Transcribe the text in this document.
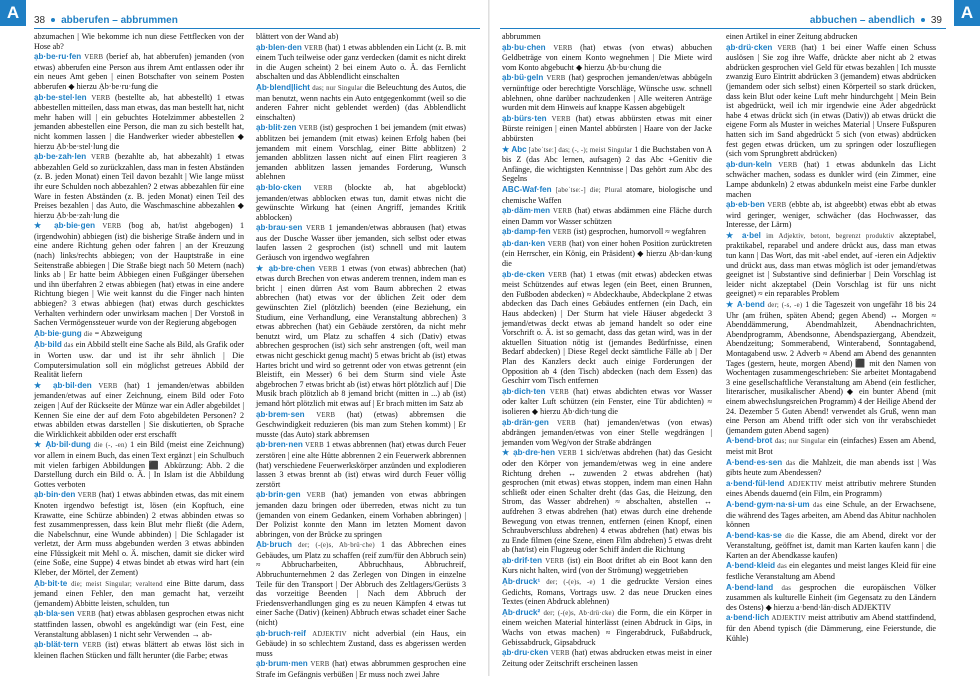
A	38 abberufen – abbrummen

abzumachen | Wie bekomme ich nun diese Fettflecken von der Hose ab?

ạb·be·ru·fen VERB (berief ab, hat abberufen) jemanden (von etwas) abberufen eine Person aus ihrem Amt entlassen oder ihr ein neues Amt geben | einen Botschafter von seinem Posten abberufen ◆ hierzu Ạb·be·ru·fung die

ạb·be·stel·len VERB (bestellte ab, hat abbestellt) 1 etwas abbestellen mitteilen, dass man etwas, das man bestellt hat, nicht mehr haben will | ein gebuchtes Hotelzimmer abbestellen 2 jemanden abbestellen eine Person, die man zu sich bestellt hat, nicht kommen lassen | die Handwerker wieder abbestellen ◆ hierzu Ạb·be·stel·lung die

ạb·be·zah·len VERB (bezahlte ab, hat abbezahlt) 1 etwas abbezahlen Geld so zurückzahlen, dass man in festen Abständen (z. B. jeden Monat) einen Teil davon bezahlt | Wie lange müsst ihr eure Schulden noch abbezahlen? 2 etwas abbezahlen für eine Ware in festen Abständen (z. B. jeden Monat) einen Teil des Preises bezahlen | das Auto, die Waschmaschine abbezahlen ◆ hierzu Ạb·be·zah·lung die

★ ạb·bie·gen VERB (bog ab, hat/ist abgebogen) 1 (irgendwohin) abbiegen (ist) die bisherige Straße ändern und in eine andere Richtung gehen oder fahren | an der Kreuzung (nach) links/rechts abbiegen; von der Hauptstraße in eine Seitenstraße abbiegen | Die Straße biegt nach 50 Metern (nach) links ab | Er hatte beim Abbiegen einen Fußgänger übersehen und ihn überfahren 2 etwas abbiegen (hat) etwas in eine andere Richtung biegen | Wie weit kannst du die Finger nach hinten abbiegen? 3 etwas abbiegen (hat) etwas durch geschicktes Verhalten verhindern oder unwirksam machen | Der Vorstoß in Sachen Vermögenssteuer wurde von der Regierung abgebogen

Ạb·bie·gung die = Abzweigung

Ạb·bild das ein Abbild stellt eine Sache als Bild, als Grafik oder in Worten usw. dar und ist ihr sehr ähnlich | Die Computersimulation soll ein möglichst getreues Abbild der Realität liefern

★ ạb·bil·den VERB (hat) 1 jemanden/etwas abbilden jemanden/etwas auf einer Zeichnung, einem Bild oder Foto zeigen | Auf der Rückseite der Münze war ein Adler abgebildet | Kennen Sie eine der auf dem Foto abgebildeten Personen? 2 etwas abbilden etwas darstellen | Sie diskutierten, ob Sprache die Wirklichkeit abbilden oder erst erschafft

★ Ạb·bil·dung die (-, -en) 1 ein Bild (meist eine Zeichnung) vor allem in einem Buch, das einen Text ergänzt | ein Schulbuch mit vielen farbigen Abbildungen ⬛ Abkürzung: Abb. 2 die Darstellung durch ein Bild o. Ä. | In Islam ist die Abbildung Gottes verboten

ạb·bin·den VERB (hat) 1 etwas abbinden etwas, das mit einem Knoten irgendwo befestigt ist, lösen (ein Kopftuch, eine Krawatte, eine Schürze abbinden) 2 etwas abbinden etwas so fest zusammenpressen, dass kein Blut mehr fließt (die Adern, die Nabelschnur, eine Wunde abbinden) | Die Schlagader ist verletzt, der Arm muss abgebunden werden 3 etwas abbinden eine Flüssigkeit mit Mehl o. Ä. mischen, damit sie dicker wird (eine Soße, eine Suppe) 4 etwas bindet ab etwas wird hart (ein Kleber, der Mörtel, der Zement)

Ạb·bit·te die; meist Singular; veraltend eine Bitte darum, dass jemand einen Fehler, den man gemacht hat, verzeiht (jemandem) Abbitte leisten, schulden, tun

ạb·bla·sen VERB (hat) etwas abblasen gesprochen etwas nicht stattfinden lassen, obwohl es angekündigt war (ein Fest, eine Veranstaltung abblasen) 1 nicht sehr Verwenden → ab-

ạb·blät·tern VERB (ist) etwas blättert ab etwas löst sich in kleinen flachen Stücken und fällt herunter (die Farbe; etwas

blättert von der Wand ab)

ạb·blen·den VERB (hat) 1 etwas abblenden ein Licht (z. B. mit einem Tuch teilweise oder ganz verdecken (damit es nicht direkt in die Augen scheint) 2 bei einem Auto o. Ä. das Fernlicht abschalten und das Abblendlicht einschalten

Ạb·blend|licht das; nur Singular die Beleuchtung des Autos, die man benutzt, wenn nachts ein Auto entgegenkommt (weil so die anderen Fahrer nicht geblendet werden) (das Abblendlicht einschalten)

ạb·blit·zen VERB (ist) gesprochen 1 bei jemandem (mit etwas) abblitzen bei jemandem (mit etwas) keinen Erfolg haben (bei jemandem mit einem Vorschlag, einer Bitte abblitzen) 2 jemanden abblitzen lassen nicht auf einen Flirt reagieren 3 jemanden abblitzen lassen jemandes Forderung, Wunsch ablehnen

ạb·blo·cken VERB (blockte ab, hat abgeblockt) jemanden/etwas abblocken etwas tun, damit etwas nicht die gewünschte Wirkung hat (einen Angriff, jemandes Kritik abblocken)

ạb·brau·sen VERB 1 jemanden/etwas abbrausen (hat) etwas aus der Dusche Wasser über jemanden, sich selbst oder etwas laufen lassen 2 gesprochen (ist) schnell und mit lautem Geräusch von irgendwo wegfahren

★ ạb·bre·chen VERB 1 etwas (von etwas) abbrechen (hat) etwas durch Brechen von etwas anderem trennen, indem man es bricht | einen dürren Ast vom Baum abbrechen 2 etwas abbrechen (hat) etwas vor der üblichen Zeit oder dem gewünschten Ziel (plötzlich) beenden (eine Beziehung, ein Studium, eine Verhandlung, eine Veranstaltung abbrechen) 3 etwas abbrechen (hat) ein Gebäude zerstören, da nicht mehr benutzt wird, um Platz zu schaffen 4 sich (Dativ) etwas abbrechen gesprochen (ist) sich sehr anstrengen (oft, weil man etwas nicht geschickt genug macht) 5 etwas bricht ab (ist) etwas Hartes bricht und wird so getrennt oder von etwas getrennt (ein Bleistift, ein Messer) 6 bei dem Sturm sind viele Äste abgebrochen 7 etwas bricht ab (ist) etwas hört plötzlich auf | Die Musik brach plötzlich ab 8 jemand bricht (mitten in ...) ab (ist) jemand hört plötzlich mit etwas auf | Er brach mitten im Satz ab

ạb·brem·sen VERB (hat) (etwas) abbremsen die Geschwindigkeit reduzieren (bis man zum Stehen kommt) | Er musste (das Auto) stark abbremsen

ạb·bren·nen VERB 1 etwas abbrennen (hat) etwas durch Feuer zerstören | eine alte Hütte abbrennen 2 ein Feuerwerk abbrennen (hat) verschiedene Feuerwerkskörper anzünden und explodieren lassen 3 etwas brennt ab (ist) etwas wird durch Feuer völlig zerstört

ạb·brin·gen VERB (hat) jemanden von etwas abbringen jemanden dazu bringen oder überreden, etwas nicht zu tun (jemanden von einem Gedanken, einem Vorhaben abbringen) | Der Polizist konnte den Mann im letzten Moment davon abbringen, von der Brücke zu springen

Ạb·bruch der; (-(e)s, Ab·brü·che) 1 das Abbrechen eines Gebäudes, um Platz zu schaffen (reif zum/für den Abbruch sein) ≈ Abbrucharbeiten, Abbruchhaus, Abbruchreif, Abbruchunternehmen 2 das Zerlegen von Dingen in einzelne Teile für den Transport | Der Abbruch des Zeltlagers/Gerüsts 3 das vorzeitige Beenden | Nach dem Abbruch der Friedensverhandlungen ging es zu neuen Kämpfen 4 etwas tut einer Sache (Dativ) (keinen) Abbruch etwas schadet einer Sache (nicht)

ạb·bruch·reif ADJEKTIV nicht adverbial (ein Haus, ein Gebäude) in so schlechtem Zustand, dass es abgerissen werden muss

ạb·brum·men VERB (hat) etwas abbrummen gesprochen eine Strafe im Gefängnis verbüßen | Er muss noch zwei Jahre

A
abbuchen – abendlich 39

abbrummen

ạb·bu·chen VERB (hat) etwas (von etwas) abbuchen Geldbeträge von einem Konto wegnehmen | Die Miete wird vom Konto abgebucht ◆ hierzu Ạb·bu·chung die

ạb·bü·geln VERB (hat) gesprochen jemanden/etwas abbügeln vernünftige oder berechtigte Vorschläge, Wünsche usw. schnell ablehnen, ohne darüber nachzudenken | Alle weiteren Anträge wurden mit dem Hinweis auf knappe Kassen abgebügelt

ạb·bürs·ten VERB (hat) etwas abbürsten etwas mit einer Bürste reinigen | einen Mantel abbürsten | Haare von der Jacke abbürsten

★ Abc [abeˈtseː] das; (-, -); meist Singular 1 die Buchstaben von A bis Z (das Abc lernen, aufsagen) 2 das Abc +Genitiv die Anfänge, die wichtigsten Kenntnisse | Das gehört zum Abc des Segelns

ABC-Waf·fen [abeˈtseː-] die; Plural atomare, biologische und chemische Waffen

ạb·däm·men VERB (hat) etwas abdämmen eine Fläche durch einen Damm vor Wasser schützen

ạb·damp·fen VERB (ist) gesprochen, humorvoll ≈ wegfahren

ạb·dan·ken VERB (hat) von einer hohen Position zurücktreten (ein Herrscher, ein König, ein Präsident) ◆ hierzu Ạb·dan·kung die

ạb·de·cken VERB (hat) 1 etwas (mit etwas) abdecken etwas meist Schützendes auf etwas legen (ein Beet, einen Brunnen, den Fußboden abdecken) ≈ Abdeckhaube, Abdeckplane 2 etwas abdecken das Dach eines Gebäudes entfernen (ein Dach, ein Haus abdecken) | Der Sturm hat viele Häuser abgedeckt 3 jemand/etwas deckt etwas ab jemand handelt so oder eine Vorschrift o. Ä. ist so gemacht, dass das getan wird, was in der aktuellen Situation nötig ist (jemandes Bedürfnisse, einen Bedarf abdecken) | Diese Regel deckt sämtliche Fälle ab | Der Plan des Kanzlers deckt auch einige Forderungen der Opposition ab 4 (den Tisch) abdecken (nach dem Essen) das Geschirr vom Tisch entfernen

ạb·dich·ten VERB (hat) etwas abdichten etwas vor Wasser oder kalter Luft schützen (ein Fenster, eine Tür abdichten) ≈ isolieren ◆ hierzu Ạb·dich·tung die

ạb·drän·gen VERB (hat) jemanden/etwas (von etwas) abdrängen jemanden/etwas von einer Stelle wegdrängen | jemanden vom Weg/von der Straße abdrängen

★ ạb·dre·hen VERB 1 sich/etwas abdrehen (hat) das Gesicht oder den Körper von jemandem/etwas weg in eine andere Richtung drehen ↔ zuwenden 2 etwas abdrehen (hat) gesprochen (mit etwas) etwas stoppen, indem man einen Hahn schließt oder einen Schalter dreht (das Gas, die Heizung, den Strom, das Wasser abdrehen) ≈ abschalten, abstellen ↔ aufdrehen 3 etwas abdrehen (hat) etwas durch eine drehende Bewegung von etwas trennen, entfernen (einen Knopf, einen Schraubverschluss abdrehen) 4 etwas abdrehen (hat) etwas bis zu Ende filmen (eine Szene, einen Film abdrehen) 5 etwas dreht ab (hat/ist) ein Flugzeug oder Schiff ändert die Richtung

ạb·drif·ten VERB (ist) ein Boot driftet ab ein Boot kann den Kurs nicht halten, wird (von der Strömung) weggetrieben

Ạb·druck¹ der; (-(e)s, -e) 1 die gedruckte Version eines Gedichts, Romans, Vortrags usw. 2 das neue Drucken eines Textes (einen Abdruck ablehnen)

Ạb·druck² der; (-(e)s, Ab·drü·cke) die Form, die ein Körper in einem weichen Material hinterlässt (einen Abdruck in Gips, in Wachs von etwas machen) ≈ Fingerabdruck, Fußabdruck, Gebissabdruck, Gipsabdruck

ạb·dru·cken VERB (hat) etwas abdrucken etwas meist in einer Zeitung oder Zeitschrift erscheinen lassen

einen Artikel in einer Zeitung abdrucken

ạb·drü·cken VERB (hat) 1 bei einer Waffe einen Schuss auslösen | Sie zog ihre Waffe, drückte aber nicht ab 2 etwas abdrücken gesprochen viel Geld für etwas bezahlen | Ich musste zwanzig Euro Eintritt abdrücken 3 (jemandem) etwas abdrücken (jemandem oder sich selbst) einen Körperteil so stark drücken, dass kein Blut oder keine Luft mehr hindurchgeht | Mein Bein ist abgedrückt, weil ich mir irgendwie eine Ader abgedrückt habe 4 etwas drückt sich (in etwas (Dativ)) ab etwas drückt die eigene Form als Muster in weiches Material | Unsere Fußspuren hatten sich im Sand abgedrückt 5 sich (von etwas) abdrücken fest gegen etwas drücken, um zu springen oder loszufliegen (sich vom Sprungbrett abdrücken)

ạb·dun·keln VERB (hat) 1 etwas abdunkeln das Licht schwächer machen, sodass es dunkler wird (ein Zimmer, eine Lampe abdunkeln) 2 etwas abdunkeln meist eine Farbe dunkler machen

ạb·eb·ben VERB (ebbte ab, ist abgeebbt) etwas ebbt ab etwas wird geringer, weniger, schwächer (das Hochwasser, das Interesse, der Lärm)

★ a·bel im Adjektiv, betont, begrenzt produktiv akzeptabel, praktikabel, reparabel und andere drückt aus, dass man etwas tun kann | Das Wort, das mit -abel endet, auf -ieren ein Adjektiv und drückt aus, dass man etwas möglich ist oder jemand/etwas geeignet ist | Substantive sind definierbar | Dein Vorschlag ist leider nicht akzeptabel (Dein Vorschlag ist für uns nicht geeignet) ≈ ein reparables Problem

★ A·bend der; (-s, -e) 1 die Tageszeit von ungefähr 18 bis 24 Uhr (am frühen, späten Abend; gegen Abend) ↔ Morgen ≈ Abenddämmerung, Abendmahlzeit, Abendnachrichten, Abendprogramm, Abendsonne, Abendspaziergang, Abendzeit, Abendzeitung; Sommerabend, Winterabend, Sonntagabend, Montagabend usw. 2 Adverb ≈ Abend am Abend des genannten Tages (gestern, heute, morgen Abend) ⬛ mit den Namen von Wochentagen zusammengeschrieben: Sie arbeitet Montagabend 3 eine gesellschaftliche Veranstaltung am Abend (ein festlicher, literarischer, musikalischer Abend) ◆ ein bunter Abend (mit einem abwechslungsreichen Programm) 4 der Heilige Abend der 24. Dezember 5 Guten Abend! verwendet als Gruß, wenn man eine Person am Abend trifft oder sich von ihr verabschiedet (jemandem guten Abend sagen)

A·bend·brot das; nur Singular ein (einfaches) Essen am Abend, meist mit Brot

A·bend·es·sen das die Mahlzeit, die man abends isst | Was gibts heute zum Abendessen?

a·bend·fül·lend ADJEKTIV meist attributiv mehrere Stunden eines Abends dauernd (ein Film, ein Programm)

A·bend·gym·na·si·um das eine Schule, an der Erwachsene, die während des Tages arbeiten, am Abend das Abitur nachholen können

A·bend·kas·se die die Kasse, die am Abend, direkt vor der Veranstaltung, geöffnet ist, damit man Karten kaufen kann | die Karten an der Abendkasse kaufen)

A·bend·kleid das ein elegantes und meist langes Kleid für eine festliche Veranstaltung am Abend

A·bend·land das gesprochen die europäischen Völker zusammen als kulturelle Einheit (im Gegensatz zu den Ländern des Ostens) ◆ hierzu a·bend·län·disch ADJEKTIV

a·bend·lich ADJEKTIV meist attributiv am Abend stattfindend, für den Abend typisch (die Dämmerung, eine Feierstunde, die Kühle)
